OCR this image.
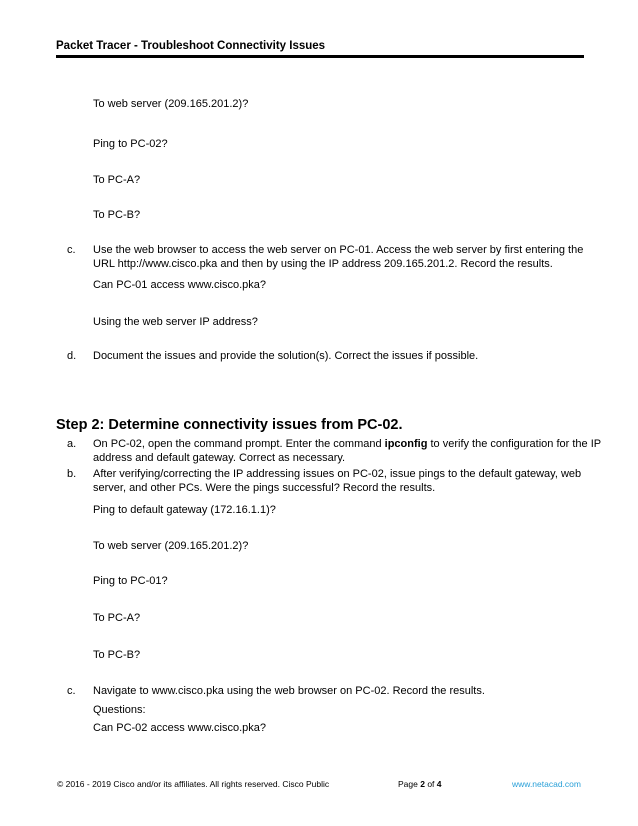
Packet Tracer - Troubleshoot Connectivity Issues
To web server (209.165.201.2)?
Ping to PC-02?
To PC-A?
To PC-B?
c. Use the web browser to access the web server on PC-01. Access the web server by first entering the
URL http://www.cisco.pka and then by using the IP address 209.165.201.2. Record the results.
Can PC-01 access www.cisco.pka?
Using the web server IP address?
d. Document the issues and provide the solution(s). Correct the issues if possible.
Step 2: Determine connectivity issues from PC-02.
a. On PC-02, open the command prompt. Enter the command ipconfig to verify the configuration for the IP
address and default gateway. Correct as necessary.
b. After verifying/correcting the IP addressing issues on PC-02, issue pings to the default gateway, web
server, and other PCs. Were the pings successful? Record the results.
Ping to default gateway (172.16.1.1)?
To web server (209.165.201.2)?
Ping to PC-01?
To PC-A?
To PC-B?
c. Navigate to www.cisco.pka using the web browser on PC-02. Record the results.
Questions:
Can PC-02 access www.cisco.pka?
© 2016 - 2019 Cisco and/or its affiliates. All rights reserved. Cisco Public	Page 2 of 4	www.netacad.com
